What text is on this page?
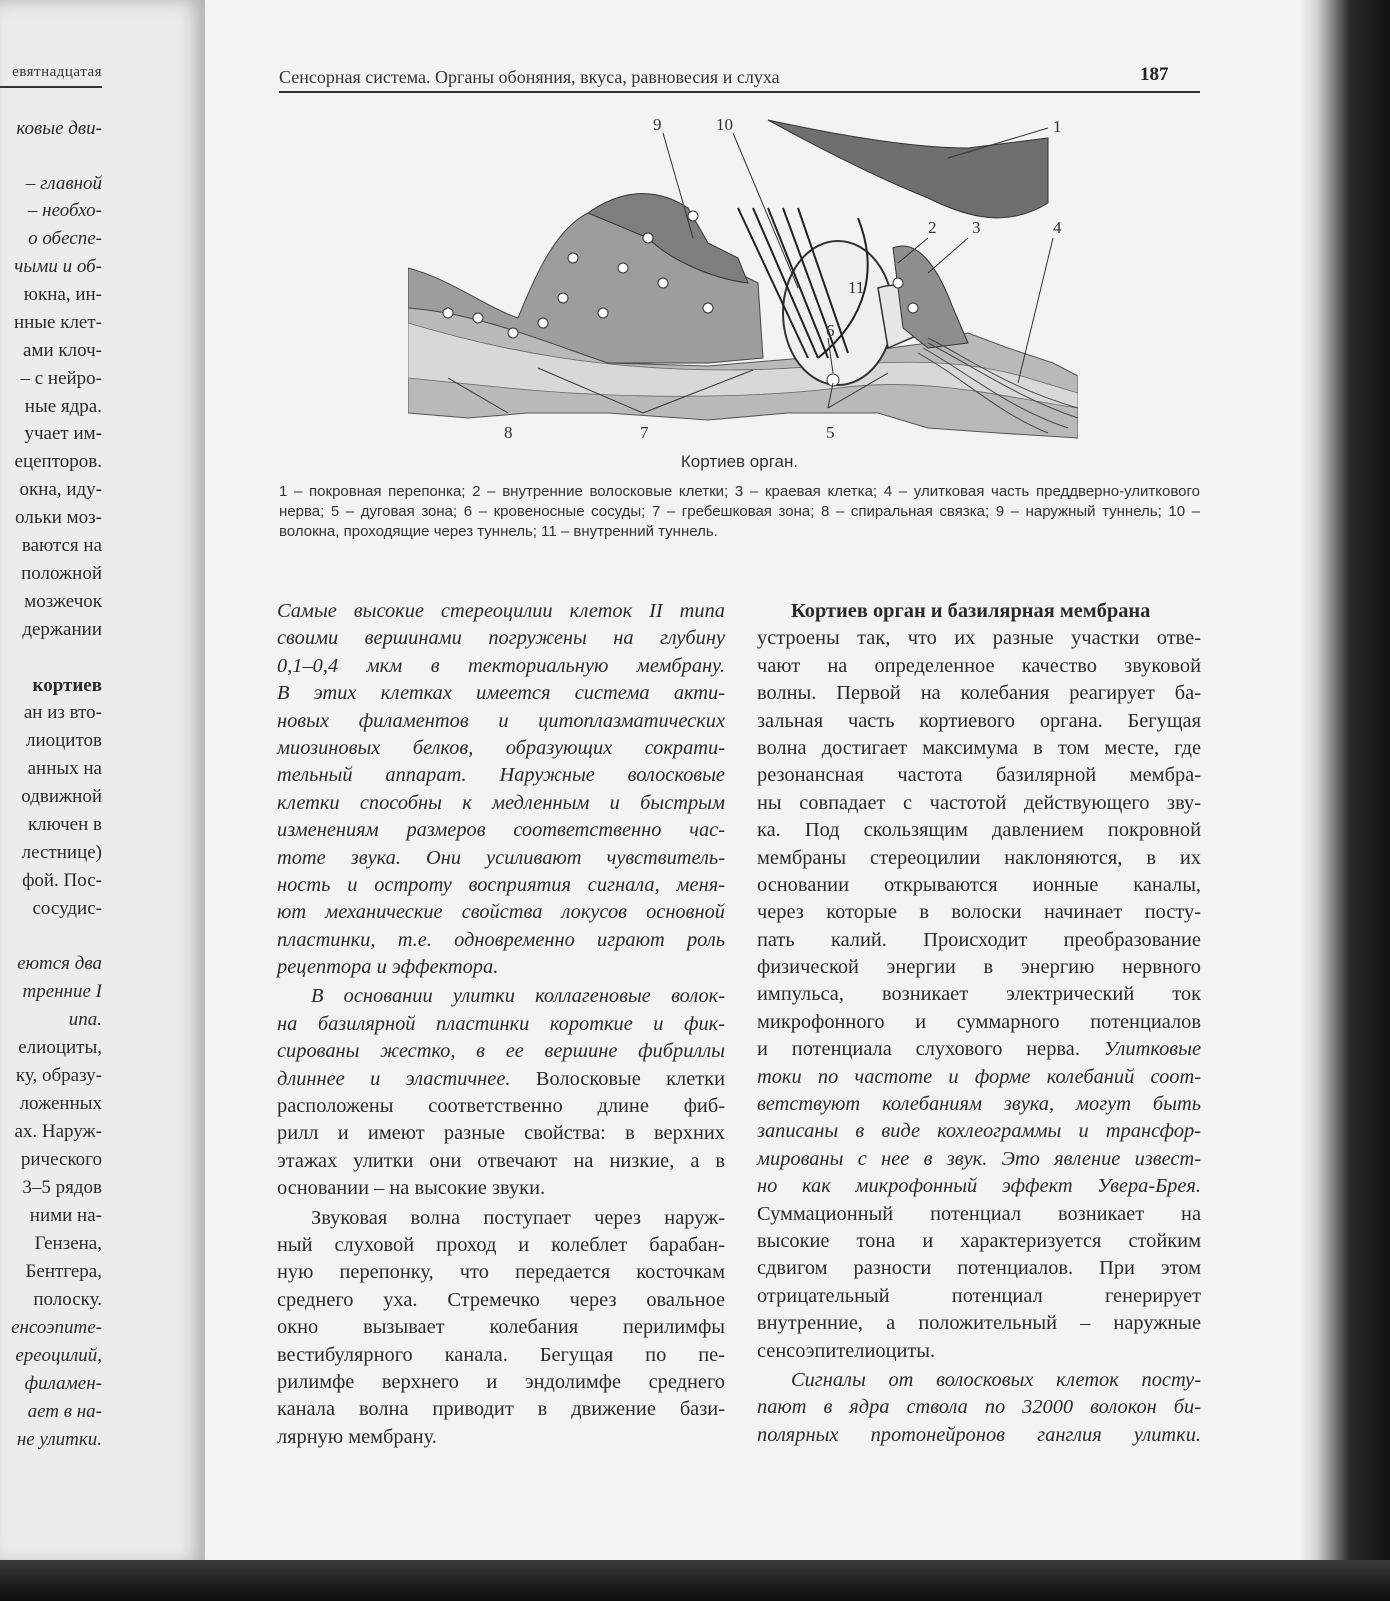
евятнадцатая
ковые дви-
– главной
– необхо-
о обеспе-
чыми и об-
юкна, ин-
нные клет-
ами клоч-
– с нейро-
ные ядра.
учает им-
ецепторов.
окна, иду-
ольки моз-
ваются на
положной
мозжечок
держании
кортиев
ан из вто-
лиоцитов
анных на
одвижной
ключен в
лестнице)
фой. Пос-
сосудис-
еются два
тренние I
ипа.
елиоциты,
ку, образу-
ложенных
ах. Наруж-
рического
3–5 рядов
ними на-
Гензена,
Бентгера,
полоску.
енсоэпите-
ереоцилий,
филамен-
ает в на-
не улитки.
Сенсорная система. Органы обоняния, вкуса, равновесия и слуха	187
1
2 3	4
5
6
7
8
9	10
11
Кортиев орган.
1 – покровная перепонка; 2 – внутренние волосковые клетки; 3 – краевая клетка; 4 – улитковая часть преддверно-улиткового нерва; 5 – дуговая зона; 6 – кровеносные сосуды; 7 – гребешковая зона; 8 – спиральная связка; 9 – наружный туннель; 10 – волокна, проходящие через туннель; 11 – внутренний туннель.
Самые высокие стереоцилии клеток II типа
своими вершинами погружены на глубину
0,1–0,4 мкм в текториальную мембрану.
В этих клетках имеется система акти-
новых филаментов и цитоплазматических
миозиновых белков, образующих сократи-
тельный аппарат. Наружные волосковые
клетки способны к медленным и быстрым
изменениям размеров соответственно час-
тоте звука. Они усиливают чувствитель-
ность и остроту восприятия сигнала, меня-
ют механические свойства локусов основной
пластинки, т.е. одновременно играют роль
рецептора и эффектора.
В основании улитки коллагеновые волок-
на базилярной пластинки короткие и фик-
сированы жестко, в ее вершине фибриллы
длиннее и эластичнее. Волосковые клетки
расположены соответственно длине фиб-
рилл и имеют разные свойства: в верхних
этажах улитки они отвечают на низкие, а в
основании – на высокие звуки.
Звуковая волна поступает через наруж-
ный слуховой проход и колеблет барабан-
ную перепонку, что передается косточкам
среднего уха. Стремечко через овальное
окно вызывает колебания перилимфы
вестибулярного канала. Бегущая по пе-
рилимфе верхнего и эндолимфе среднего
канала волна приводит в движение бази-
лярную мембрану.
Кортиев орган и базилярная мембрана
устроены так, что их разные участки отве-
чают на определенное качество звуковой
волны. Первой на колебания реагирует ба-
зальная часть кортиевого органа. Бегущая
волна достигает максимума в том месте, где
резонансная частота базилярной мембра-
ны совпадает с частотой действующего зву-
ка. Под скользящим давлением покровной
мембраны стереоцилии наклоняются, в их
основании открываются ионные каналы,
через которые в волоски начинает посту-
пать калий. Происходит преобразование
физической энергии в энергию нервного
импульса, возникает электрический ток
микрофонного и суммарного потенциалов
и потенциала слухового нерва. Улитковые
токи по частоте и форме колебаний соот-
ветствуют колебаниям звука, могут быть
записаны в виде кохлеограммы и трансфор-
мированы с нее в звук. Это явление извест-
но как микрофонный эффект Увера-Брея.
Суммационный потенциал возникает на
высокие тона и характеризуется стойким
сдвигом разности потенциалов. При этом
отрицательный потенциал генерирует
внутренние, а положительный – наружные
сенсоэпителиоциты.
Сигналы от волосковых клеток посту-
пают в ядра ствола по 32000 волокон би-
полярных протонейронов ганглия улитки.
